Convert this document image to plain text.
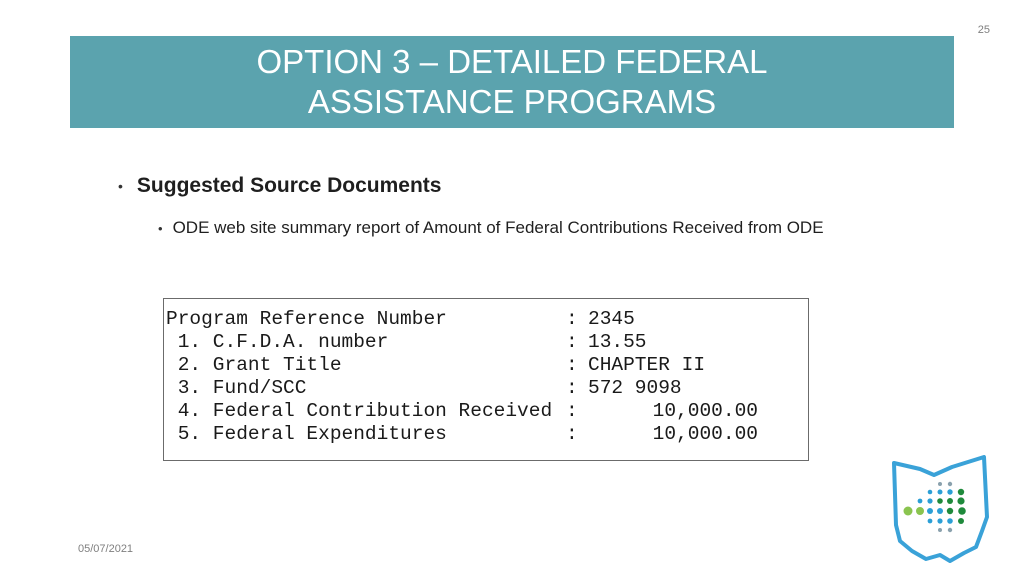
25
OPTION 3 – DETAILED FEDERAL ASSISTANCE PROGRAMS
• Suggested Source Documents
• ODE web site summary report of Amount of Federal Contributions Received from ODE
Program Reference Number	: 2345
1. C.F.D.A. number	: 13.55
2. Grant Title	: CHAPTER II
3. Fund/SCC	: 572 9098
4. Federal Contribution Received :	10,000.00
5. Federal Expenditures	:	10,000.00
05/07/2021
